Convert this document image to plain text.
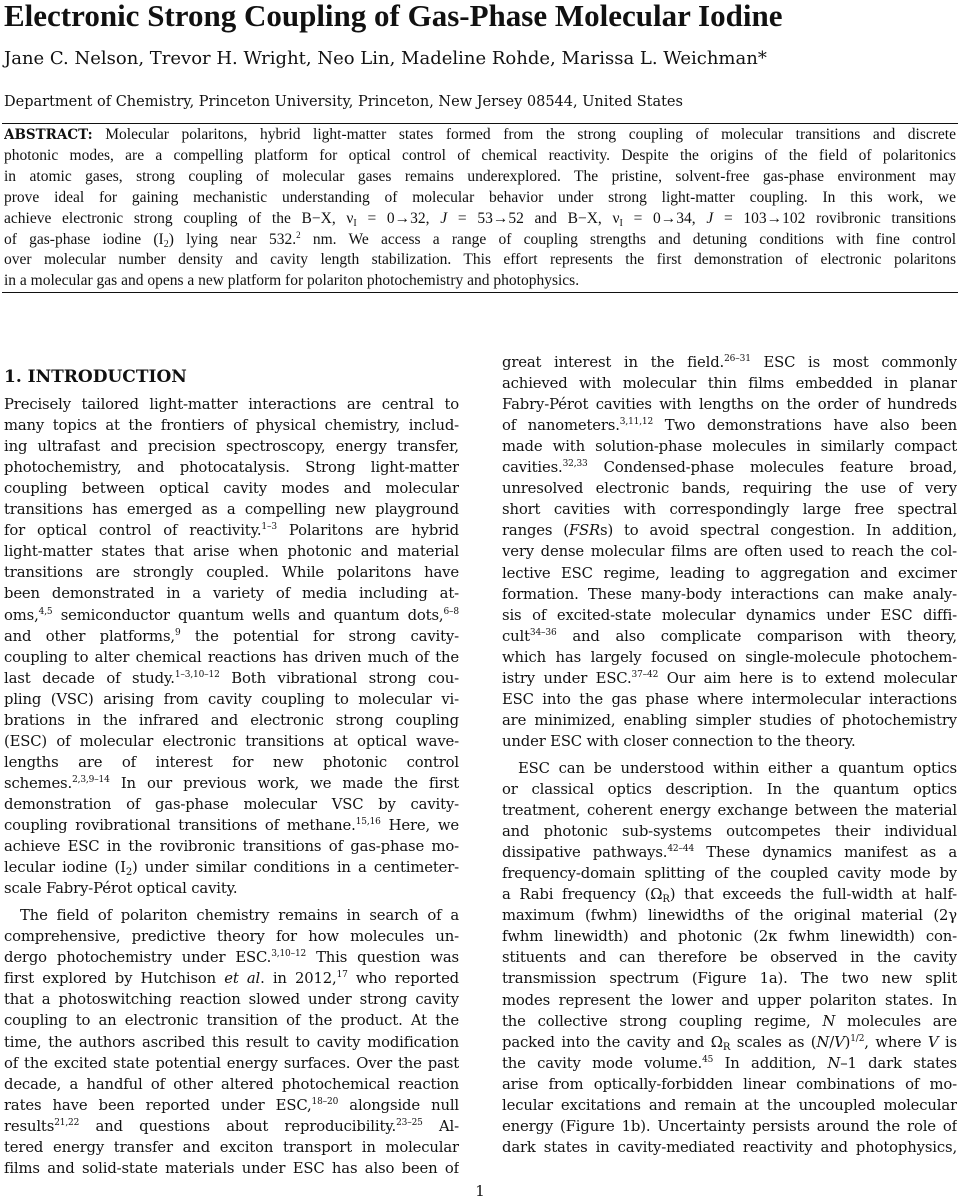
Electronic Strong Coupling of Gas-Phase Molecular Iodine
Jane C. Nelson, Trevor H. Wright, Neo Lin, Madeline Rohde, Marissa L. Weichman*
Department of Chemistry, Princeton University, Princeton, New Jersey 08544, United States
ABSTRACT: Molecular polaritons, hybrid light-matter states formed from the strong coupling of molecular transitions and discrete
photonic modes, are a compelling platform for optical control of chemical reactivity. Despite the origins of the field of polaritonics
in atomic gases, strong coupling of molecular gases remains underexplored. The pristine, solvent-free gas-phase environment may
prove ideal for gaining mechanistic understanding of molecular behavior under strong light-matter coupling. In this work, we
achieve electronic strong coupling of the B−X, $\nu_I = 0\to 32$, J = 53→52 and B−X, $\nu_I = 0\to 34$, J = 103→102 rovibronic transitions
of gas-phase iodine $(I_2)$ lying near 532.$^2$ nm. We access a range of coupling strengths and detuning conditions with fine control
over molecular number density and cavity length stabilization. This effort represents the first demonstration of electronic polaritons
in a molecular gas and opens a new platform for polariton photochemistry and photophysics.
1. INTRODUCTION
1
Precisely tailored light-matter interactions are central to
many topics at the frontiers of physical chemistry, includ-
ing ultrafast and precision spectroscopy, energy transfer,
photochemistry, and photocatalysis. Strong light-matter
coupling between optical cavity modes and molecular
transitions has emerged as a compelling new playground
for optical control of reactivity.$^{1-3}$ Polaritons are hybrid
light-matter states that arise when photonic and material
transitions are strongly coupled. While polaritons have
been demonstrated in a variety of media including at-
oms,$^{4,5}$ semiconductor quantum wells and quantum dots,$^{6-8}$
and other platforms,$^9$ the potential for strong cavity-
coupling to alter chemical reactions has driven much of the
last decade of study.$^{1-3,10-12}$ Both vibrational strong cou-
pling (VSC) arising from cavity coupling to molecular vi-
brations in the infrared and electronic strong coupling
(ESC) of molecular electronic transitions at optical wave-
lengths are of interest for new photonic control
schemes.$^{2,3,9-14}$ In our previous work, we made the first
demonstration of gas-phase molecular VSC by cavity-
coupling rovibrational transitions of methane.$^{15,16}$ Here, we
achieve ESC in the rovibronic transitions of gas-phase mo-
lecular iodine $(I_2)$ under similar conditions in a centimeter-
scale Fabry-Pérot optical cavity.
The field of polariton chemistry remains in search of a
comprehensive, predictive theory for how molecules un-
dergo photochemistry under ESC.$^{3,10-12}$ This question was
first explored by Hutchison et al. in 2012,17 who reported
that a photoswitching reaction slowed under strong cavity
coupling to an electronic transition of the product. At the
time, the authors ascribed this result to cavity modification
of the excited state potential energy surfaces. Over the past
decade, a handful of other altered photochemical reaction
rates have been reported under ESC,$^{18-20}$ alongside null
results$^{21,22}$ and questions about reproducibility.$^{23-25}$ Al-
tered energy transfer and exciton transport in molecular
films and solid-state materials under ESC has also been of
great interest in the field.$^{26-31}$ ESC is most commonly
achieved with molecular thin films embedded in planar
Fabry-Pérot cavities with lengths on the order of hundreds
of nanometers.$^{3,11,12}$ Two demonstrations have also been
made with solution-phase molecules in similarly compact
cavities.$^{32,33}$ Condensed-phase molecules feature broad,
unresolved electronic bands, requiring the use of very
short cavities with correspondingly large free spectral
ranges (FSRs) to avoid spectral congestion. In addition,
very dense molecular films are often used to reach the col-
lective ESC regime, leading to aggregation and excimer
formation. These many-body interactions can make analy-
sis of excited-state molecular dynamics under ESC diffi-
cult$^{34-36}$ and also complicate comparison with theory,
which has largely focused on single-molecule photochem-
istry under ESC.$^{37-42}$ Our aim here is to extend molecular
ESC into the gas phase where intermolecular interactions
are minimized, enabling simpler studies of photochemistry
under ESC with closer connection to the theory.
ESC can be understood within either a quantum optics
or classical optics description. In the quantum optics
treatment, coherent energy exchange between the material
and photonic sub-systems outcompetes their individual
dissipative pathways.$^{42-44}$ These dynamics manifest as a
frequency-domain splitting of the coupled cavity mode by
a Rabi frequency $(\Omega_R)$ that exceeds the full-width at half-
maximum (fwhm) linewidths of the original material (2γ
fwhm linewidth) and photonic (2κ fwhm linewidth) con-
stituents and can therefore be observed in the cavity
transmission spectrum (Figure 1a). The two new split
modes represent the lower and upper polariton states. In
the collective strong coupling regime, N molecules are
packed into the cavity and $\Omega_R$ scales as $(N/V)^{1/2}$, where V is
the cavity mode volume.$^{45}$ In addition, N–1 dark states
arise from optically-forbidden linear combinations of mo-
lecular excitations and remain at the uncoupled molecular
energy (Figure 1b). Uncertainty persists around the role of
dark states in cavity-mediated reactivity and photophysics,
